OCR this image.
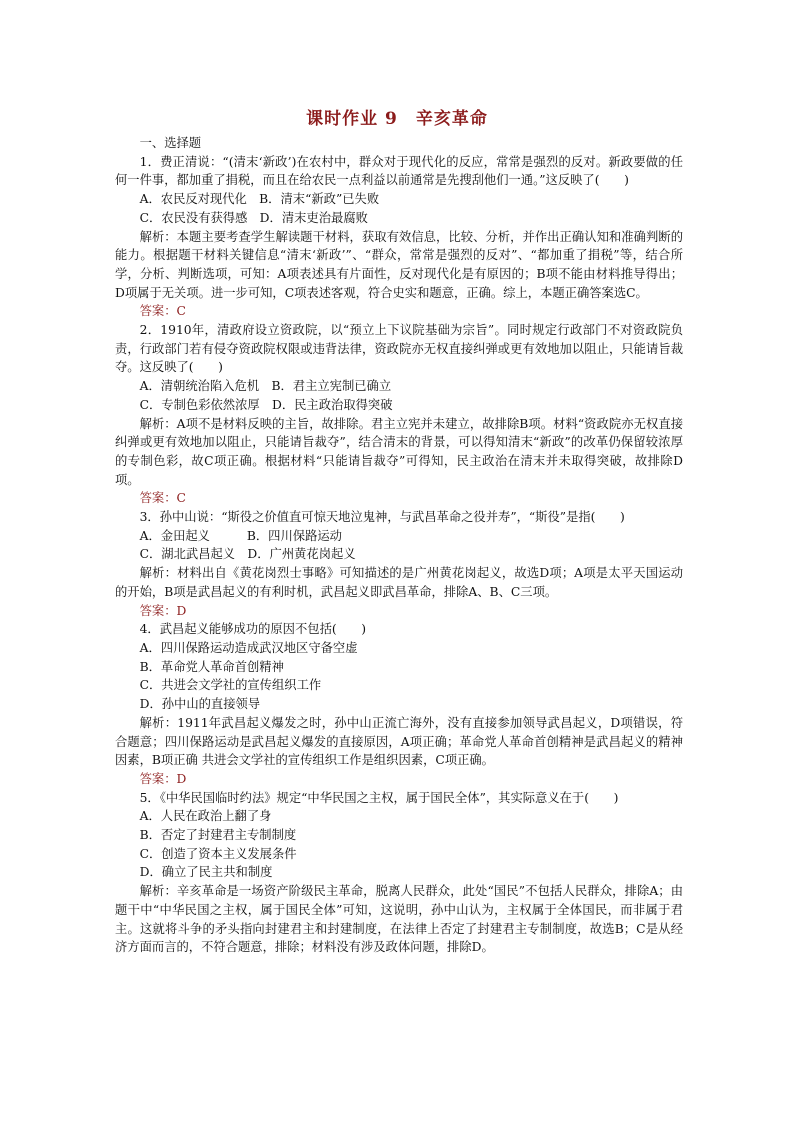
课时作业 9　辛亥革命

一、选择题

1．费正清说：“(清末‘新政’)在农村中，群众对于现代化的反应，常常是强烈的反对。新政要做的任何一件事，都加重了捐税，而且在给农民一点利益以前通常是先搜刮他们一通。”这反映了(　　)

A．农民反对现代化　B．清末“新政”已失败

C．农民没有获得感　D．清末吏治最腐败

解析：本题主要考查学生解读题干材料，获取有效信息，比较、分析，并作出正确认知和准确判断的能力。根据题干材料关键信息“清末‘新政’”、“群众，常常是强烈的反对”、“都加重了捐税”等，结合所学，分析、判断选项，可知：A项表述具有片面性，反对现代化是有原因的；B项不能由材料推导得出；D项属于无关项。进一步可知，C项表述客观，符合史实和题意，正确。综上，本题正确答案选C。

答案：C

2．1910年，清政府设立资政院，以“预立上下议院基础为宗旨”。同时规定行政部门不对资政院负责，行政部门若有侵夺资政院权限或违背法律，资政院亦无权直接纠弹或更有效地加以阻止，只能请旨裁夺。这反映了(　　)

A．清朝统治陷入危机　B．君主立宪制已确立

C．专制色彩依然浓厚　D．民主政治取得突破

解析：A项不是材料反映的主旨，故排除。君主立宪并未建立，故排除B项。材料“资政院亦无权直接纠弹或更有效地加以阻止，只能请旨裁夺”，结合清末的背景，可以得知清末“新政”的改革仍保留较浓厚的专制色彩，故C项正确。根据材料“只能请旨裁夺”可得知，民主政治在清末并未取得突破，故排除D项。

答案：C

3．孙中山说：“斯役之价值直可惊天地泣鬼神，与武昌革命之役并寿”，“斯役”是指(　　)

A．金田起义　　　B．四川保路运动

C．湖北武昌起义　D．广州黄花岗起义

解析：材料出自《黄花岗烈士事略》可知描述的是广州黄花岗起义，故选D项；A项是太平天国运动的开始，B项是武昌起义的有利时机，武昌起义即武昌革命，排除A、B、C三项。

答案：D

4．武昌起义能够成功的原因不包括(　　)

A．四川保路运动造成武汉地区守备空虚

B．革命党人革命首创精神

C．共进会文学社的宣传组织工作

D．孙中山的直接领导

解析：1911年武昌起义爆发之时，孙中山正流亡海外，没有直接参加领导武昌起义，D项错误，符合题意；四川保路运动是武昌起义爆发的直接原因，A项正确；革命党人革命首创精神是武昌起义的精神因素，B项正确 共进会文学社的宣传组织工作是组织因素，C项正确。

答案：D

5．《中华民国临时约法》规定“中华民国之主权，属于国民全体”，其实际意义在于(　　)

A．人民在政治上翻了身

B．否定了封建君主专制制度

C．创造了资本主义发展条件

D．确立了民主共和制度

解析：辛亥革命是一场资产阶级民主革命，脱离人民群众，此处“国民”不包括人民群众，排除A；由题干中“中华民国之主权，属于国民全体”可知，这说明，孙中山认为，主权属于全体国民，而非属于君主。这就将斗争的矛头指向封建君主和封建制度，在法律上否定了封建君主专制制度，故选B；C是从经济方面而言的，不符合题意，排除；材料没有涉及政体问题，排除D。
